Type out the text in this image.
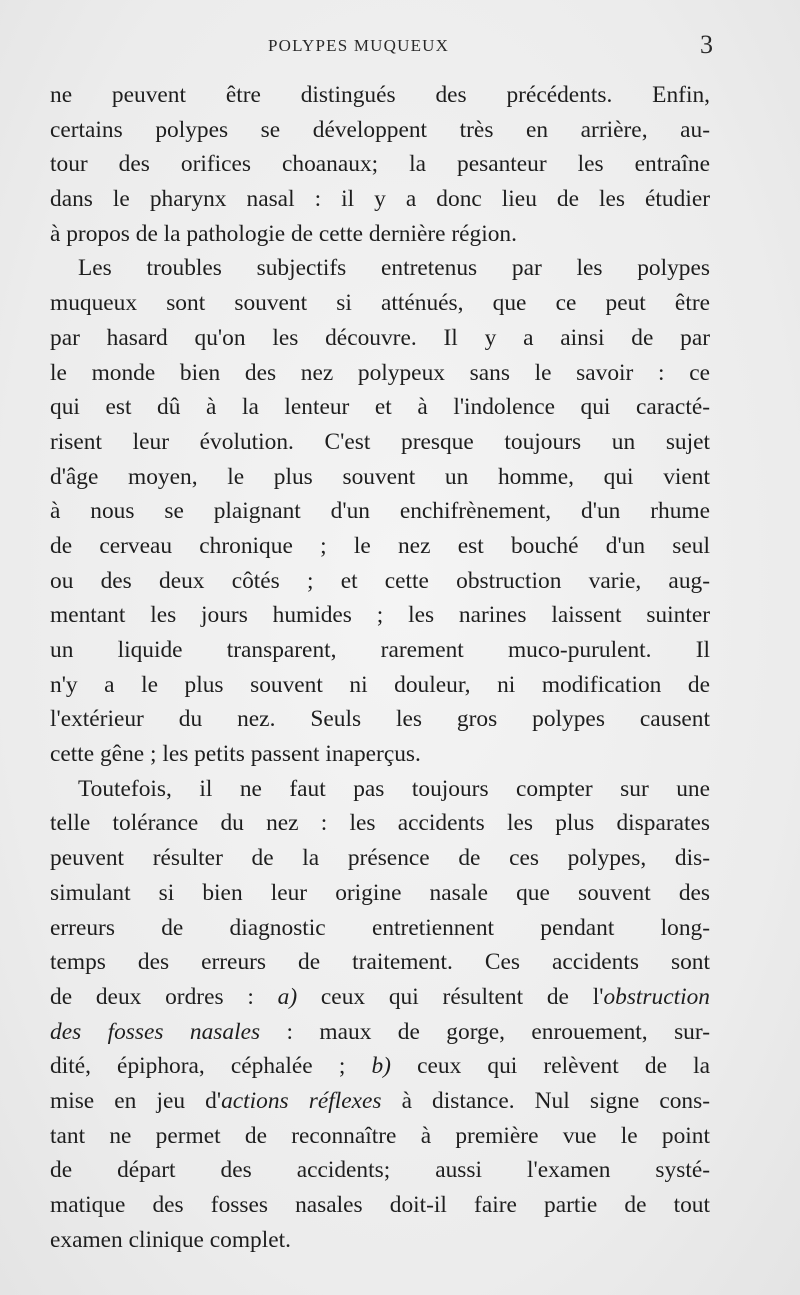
POLYPES MUQUEUX	3
ne peuvent être distingués des précédents. Enfin,
certains polypes se développent très en arrière, au-
tour des orifices choanaux; la pesanteur les entraîne
dans le pharynx nasal : il y a donc lieu de les étudier
à propos de la pathologie de cette dernière région.
Les troubles subjectifs entretenus par les polypes
muqueux sont souvent si atténués, que ce peut être
par hasard qu'on les découvre. Il y a ainsi de par
le monde bien des nez polypeux sans le savoir : ce
qui est dû à la lenteur et à l'indolence qui caracté-
risent leur évolution. C'est presque toujours un sujet
d'âge moyen, le plus souvent un homme, qui vient
à nous se plaignant d'un enchifrènement, d'un rhume
de cerveau chronique ; le nez est bouché d'un seul
ou des deux côtés ; et cette obstruction varie, aug-
mentant les jours humides ; les narines laissent suinter
un liquide transparent, rarement muco-purulent. Il
n'y a le plus souvent ni douleur, ni modification de
l'extérieur du nez. Seuls les gros polypes causent
cette gêne ; les petits passent inaperçus.
Toutefois, il ne faut pas toujours compter sur une
telle tolérance du nez : les accidents les plus disparates
peuvent résulter de la présence de ces polypes, dis-
simulant si bien leur origine nasale que souvent des
erreurs de diagnostic entretiennent pendant long-
temps des erreurs de traitement. Ces accidents sont
de deux ordres : a) ceux qui résultent de l'obstruction
des fosses nasales : maux de gorge, enrouement, sur-
dité, épiphora, céphalée ; b) ceux qui relèvent de la
mise en jeu d'actions réflexes à distance. Nul signe cons-
tant ne permet de reconnaître à première vue le point
de départ des accidents; aussi l'examen systé-
matique des fosses nasales doit-il faire partie de tout
examen clinique complet.
